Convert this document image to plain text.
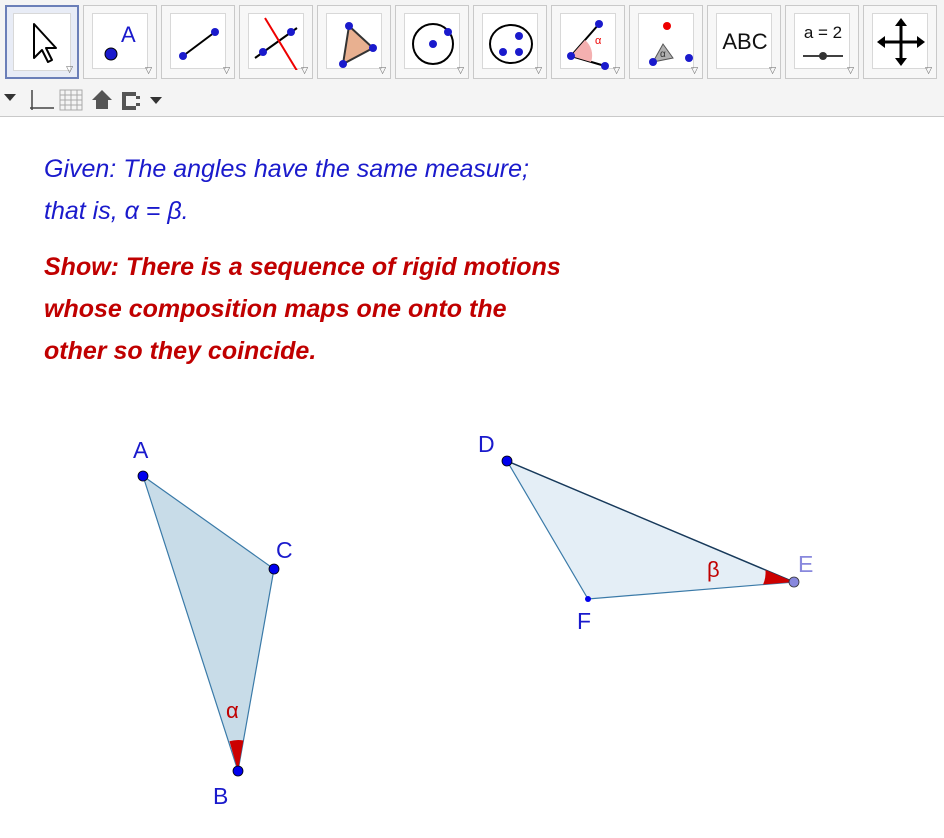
▽
A
▽	▽	▽	▽	▽	▽
α
▽
α
▽
ABC
▽
a = 2
▽	▽
Given: The angles have the same measure;
that is, α = β.
Show: There is a sequence of rigid motions
whose composition maps one onto the
other so they coincide.
α
β
A
C
B
D
E
F
